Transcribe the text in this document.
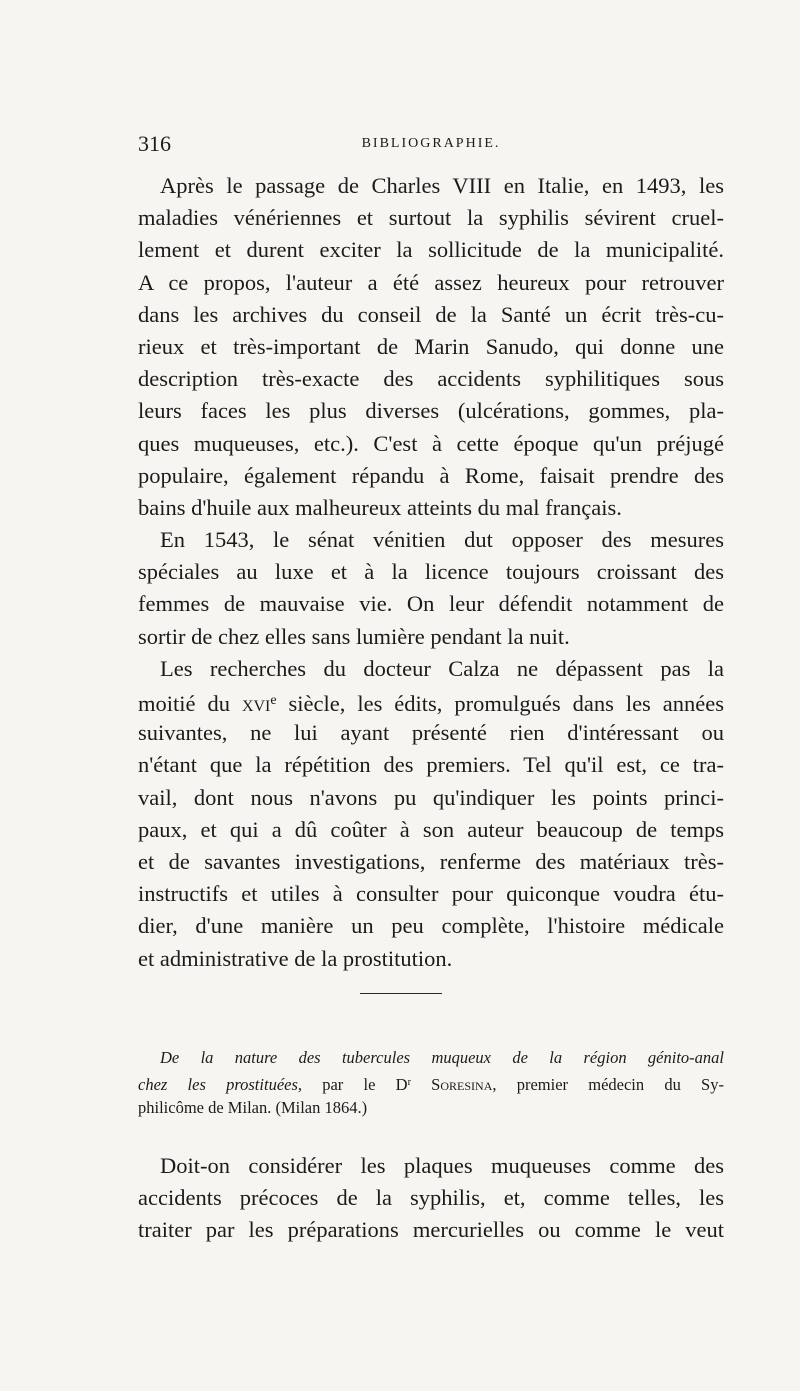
316	BIBLIOGRAPHIE.
Après le passage de Charles VIII en Italie, en 1493, les
maladies vénériennes et surtout la syphilis sévirent cruel-
lement et durent exciter la sollicitude de la municipalité.
A ce propos, l'auteur a été assez heureux pour retrouver
dans les archives du conseil de la Santé un écrit très-cu-
rieux et très-important de Marin Sanudo, qui donne une
description très-exacte des accidents syphilitiques sous
leurs faces les plus diverses (ulcérations, gommes, pla-
ques muqueuses, etc.). C'est à cette époque qu'un préjugé
populaire, également répandu à Rome, faisait prendre des
bains d'huile aux malheureux atteints du mal français.
En 1543, le sénat vénitien dut opposer des mesures
spéciales au luxe et à la licence toujours croissant des
femmes de mauvaise vie. On leur défendit notamment de
sortir de chez elles sans lumière pendant la nuit.
Les recherches du docteur Calza ne dépassent pas la
moitié du xvi$^e$ siècle, les édits, promulgués dans les années
suivantes, ne lui ayant présenté rien d'intéressant ou
n'étant que la répétition des premiers. Tel qu'il est, ce tra-
vail, dont nous n'avons pu qu'indiquer les points princi-
paux, et qui a dû coûter à son auteur beaucoup de temps
et de savantes investigations, renferme des matériaux très-
instructifs et utiles à consulter pour quiconque voudra étu-
dier, d'une manière un peu complète, l'histoire médicale
et administrative de la prostitution.
De la nature des tubercules muqueux de la région génito-anal
chez les prostituées, par le $D^r$ Soresina, premier médecin du Sy-
philicôme de Milan. (Milan 1864.)
Doit-on considérer les plaques muqueuses comme des
accidents précoces de la syphilis, et, comme telles, les
traiter par les préparations mercurielles ou comme le veut
